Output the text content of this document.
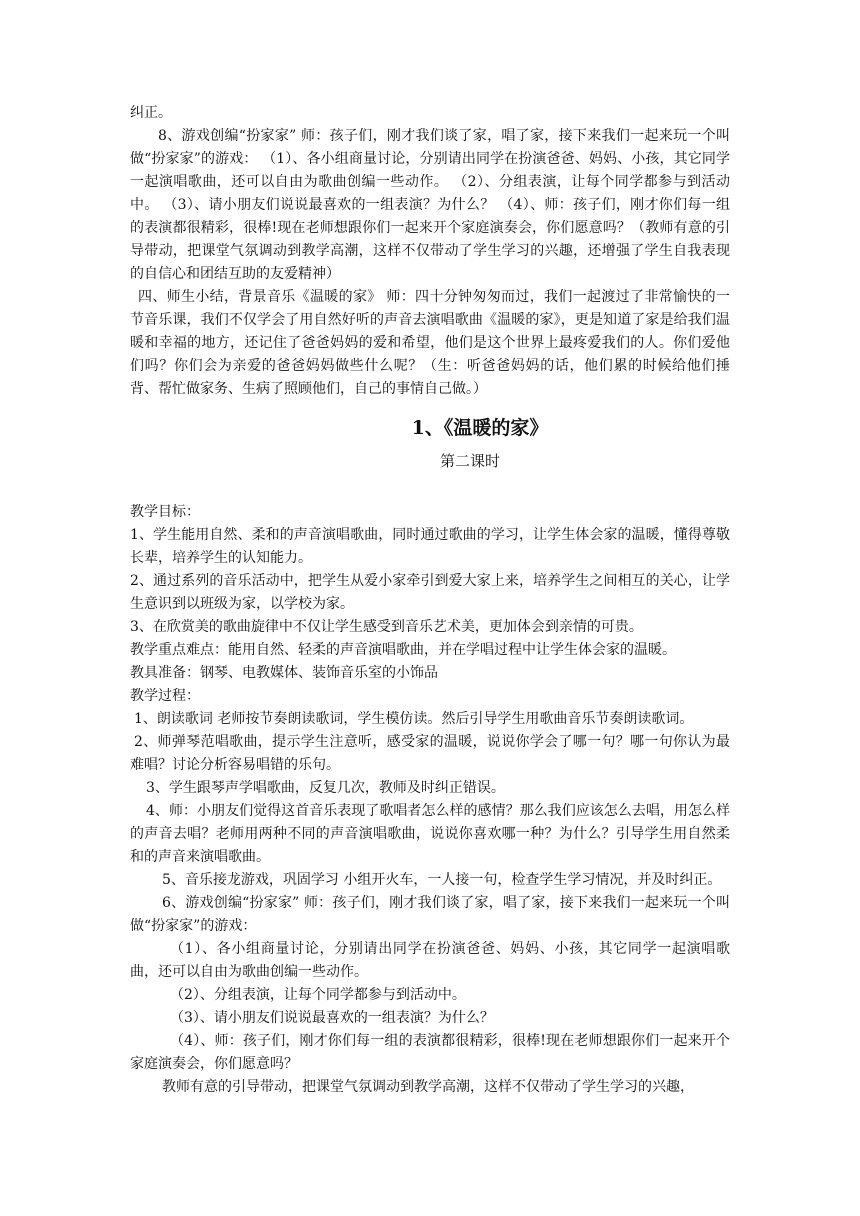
纠正。

8、游戏创编“扮家家” 师：孩子们，刚才我们谈了家，唱了家，接下来我们一起来玩一个叫做“扮家家”的游戏： （1）、各小组商量讨论，分别请出同学在扮演爸爸、妈妈、小孩，其它同学一起演唱歌曲，还可以自由为歌曲创编一些动作。 （2）、分组表演，让每个同学都参与到活动中。 （3）、请小朋友们说说最喜欢的一组表演？为什么？ （4）、师：孩子们，刚才你们每一组的表演都很精彩，很棒!现在老师想跟你们一起来开个家庭演奏会，你们愿意吗？（教师有意的引导带动，把课堂气氛调动到教学高潮，这样不仅带动了学生学习的兴趣，还增强了学生自我表现的自信心和团结互助的友爱精神）

四、师生小结，背景音乐《温暖的家》 师：四十分钟匆匆而过，我们一起渡过了非常愉快的一节音乐课，我们不仅学会了用自然好听的声音去演唱歌曲《温暖的家》，更是知道了家是给我们温暖和幸福的地方，还记住了爸爸妈妈的爱和希望，他们是这个世界上最疼爱我们的人。你们爱他们吗？你们会为亲爱的爸爸妈妈做些什么呢？（生：听爸爸妈妈的话，他们累的时候给他们捶背、帮忙做家务、生病了照顾他们，自己的事情自己做。）

1、《温暖的家》
第二课时

教学目标：

1、学生能用自然、柔和的声音演唱歌曲，同时通过歌曲的学习，让学生体会家的温暖，懂得尊敬长辈，培养学生的认知能力。

2、通过系列的音乐活动中，把学生从爱小家牵引到爱大家上来，培养学生之间相互的关心，让学生意识到以班级为家，以学校为家。

3、在欣赏美的歌曲旋律中不仅让学生感受到音乐艺术美，更加体会到亲情的可贵。

教学重点难点：能用自然、轻柔的声音演唱歌曲，并在学唱过程中让学生体会家的温暖。

教具准备：钢琴、电教媒体、装饰音乐室的小饰品

教学过程：

1、朗读歌词 老师按节奏朗读歌词，学生模仿读。然后引导学生用歌曲音乐节奏朗读歌词。

2、师弹琴范唱歌曲，提示学生注意听，感受家的温暖，说说你学会了哪一句？哪一句你认为最难唱？讨论分析容易唱错的乐句。

3、学生跟琴声学唱歌曲，反复几次，教师及时纠正错误。

4、师：小朋友们觉得这首音乐表现了歌唱者怎么样的感情？那么我们应该怎么去唱，用怎么样的声音去唱？老师用两种不同的声音演唱歌曲，说说你喜欢哪一种？为什么？引导学生用自然柔和的声音来演唱歌曲。

5、音乐接龙游戏，巩固学习 小组开火车，一人接一句，检查学生学习情况，并及时纠正。

6、游戏创编“扮家家” 师：孩子们，刚才我们谈了家，唱了家，接下来我们一起来玩一个叫做“扮家家”的游戏：

（1）、各小组商量讨论，分别请出同学在扮演爸爸、妈妈、小孩，其它同学一起演唱歌曲，还可以自由为歌曲创编一些动作。

（2）、分组表演，让每个同学都参与到活动中。

（3）、请小朋友们说说最喜欢的一组表演？为什么？

（4）、师：孩子们，刚才你们每一组的表演都很精彩，很棒!现在老师想跟你们一起来开个家庭演奏会，你们愿意吗？

教师有意的引导带动，把课堂气氛调动到教学高潮，这样不仅带动了学生学习的兴趣，
